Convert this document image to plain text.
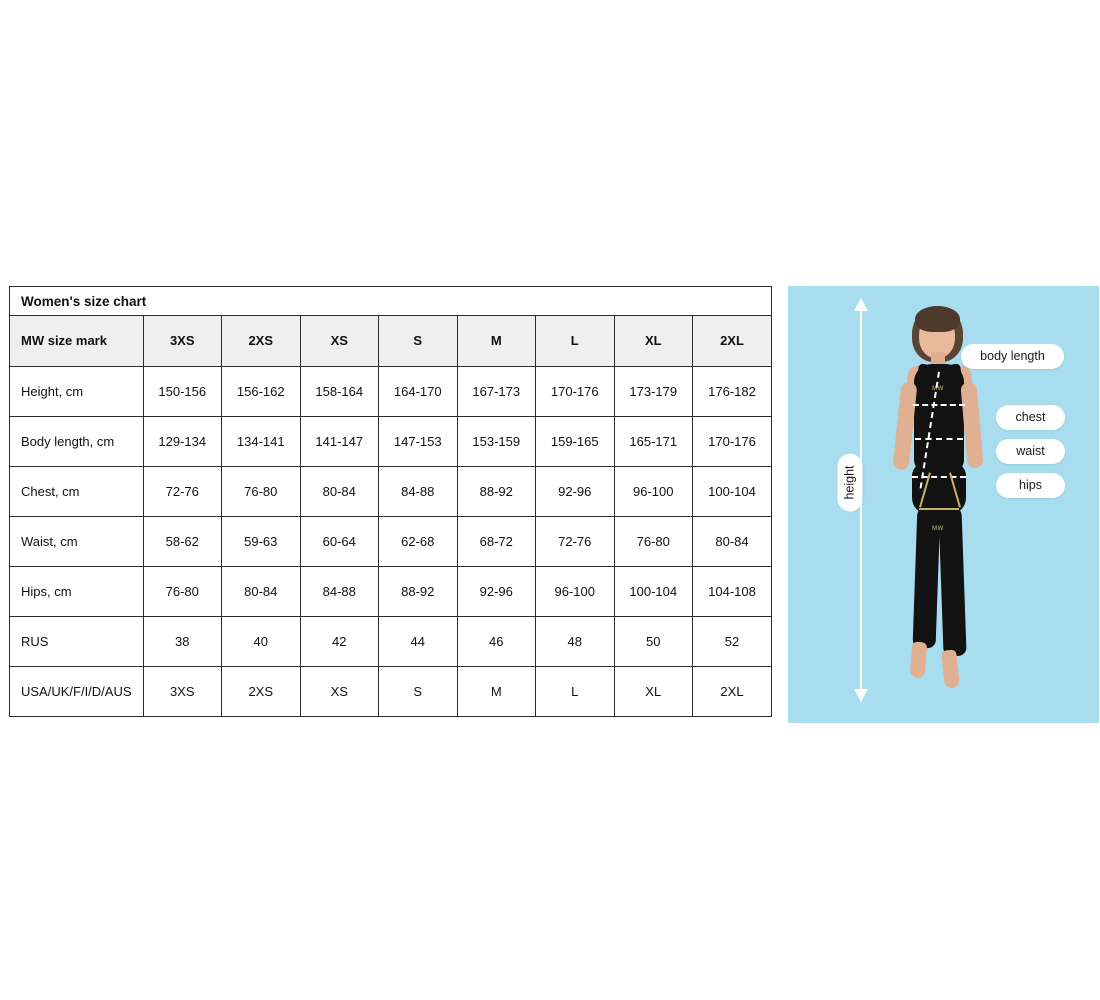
Women's size chart
MW size mark	3XS	2XS	XS	S	M	L	XL	2XL
Height, cm	150-156	156-162	158-164	164-170	167-173	170-176	173-179	176-182
Body length, cm	129-134	134-141	141-147	147-153	153-159	159-165	165-171	170-176
Chest, cm	72-76	76-80	80-84	84-88	88-92	92-96	96-100	100-104
Waist, cm	58-62	59-63	60-64	62-68	68-72	72-76	76-80	80-84
Hips, cm	76-80	80-84	84-88	88-92	92-96	96-100	100-104	104-108
RUS	38	40	42	44	46	48	50	52
USA/UK/F/I/D/AUS	3XS	2XS	XS	S	M	L	XL	2XL
MW
MW
body length
chest
waist
hips
height
